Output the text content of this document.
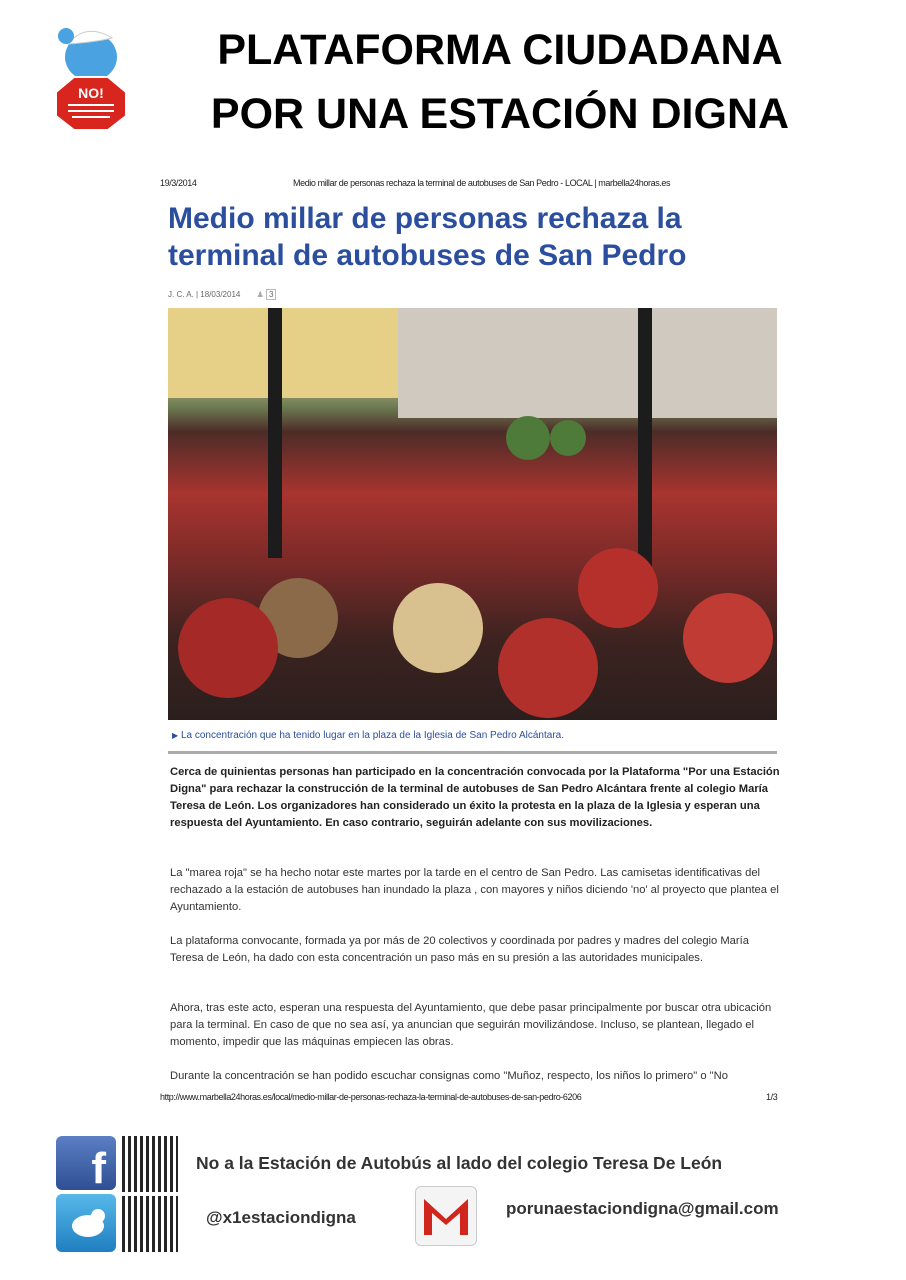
NO!
PLATAFORMA CIUDADANA
POR UNA ESTACIÓN DIGNA
19/3/2014	Medio millar de personas rechaza la terminal de autobuses de San Pedro - LOCAL | marbella24horas.es
Medio millar de personas rechaza la
terminal de autobuses de San Pedro
J. C. A. | 18/03/2014 ♟ 3
▶ La concentración que ha tenido lugar en la plaza de la Iglesia de San Pedro Alcántara.
Cerca de quinientas personas han participado en la concentración convocada por la Plataforma "Por una Estación Digna" para rechazar la construcción de la terminal de autobuses de San Pedro Alcántara frente al colegio María Teresa de León. Los organizadores han considerado un éxito la protesta en la plaza de la Iglesia y esperan una respuesta del Ayuntamiento. En caso contrario, seguirán adelante con sus movilizaciones.
La "marea roja" se ha hecho notar este martes por la tarde en el centro de San Pedro. Las camisetas identificativas del rechazado a la estación de autobuses han inundado la plaza , con mayores y niños diciendo 'no' al proyecto que plantea el Ayuntamiento.
La plataforma convocante, formada ya por más de 20 colectivos y coordinada por padres y madres del colegio María Teresa de León, ha dado con esta concentración un paso más en su presión a las autoridades municipales.
Ahora, tras este acto, esperan una respuesta del Ayuntamiento, que debe pasar principalmente por buscar otra ubicación para la terminal. En caso de que no sea así, ya anuncian que seguirán movilizándose. Incluso, se plantean, llegado el momento, impedir que las máquinas empiecen las obras.
Durante la concentración se han podido escuchar consignas como "Muñoz, respecto, los niños lo primero" o "No
http://www.marbella24horas.es/local/medio-millar-de-personas-rechaza-la-terminal-de-autobuses-de-san-pedro-6206	1/3
f	No a la Estación de Autobús al lado del colegio Teresa De León
@x1estaciondigna	porunaestaciondigna@gmail.com
